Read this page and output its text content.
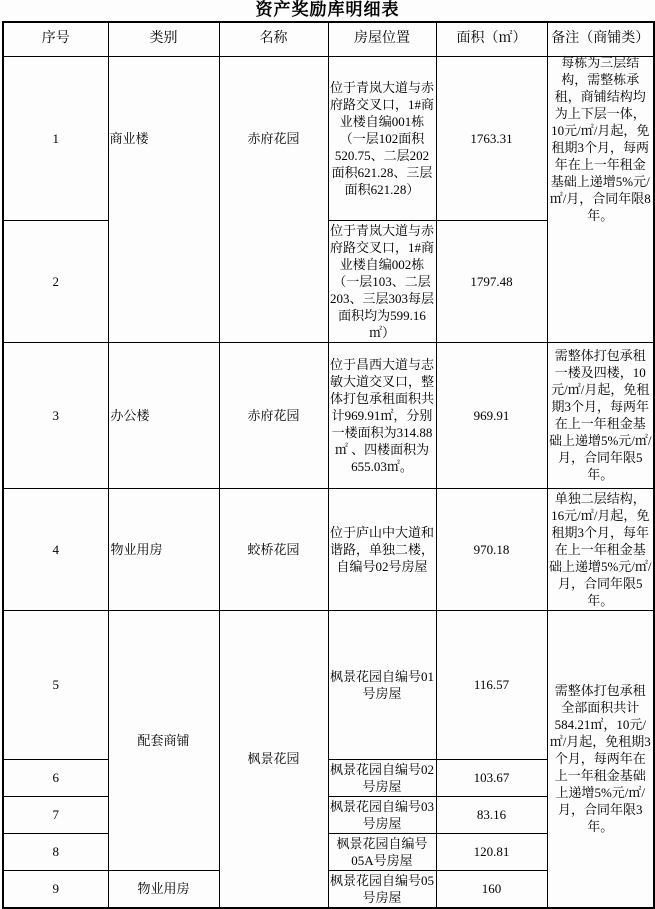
资产奖励库明细表
序号	类别	名称	房屋位置	面积（㎡）	备注（商铺类）
1	商业楼	赤府花园	位于青岚大道与赤府路交叉口，1#商业楼自编001栋（一层102面积520.75、二层202面积621.28、三层面积621.28）	1763.31	每栋为三层结构，需整栋承租，商铺结构均为上下层一体，10元/㎡/月起，免租期3个月，每两年在上一年租金基础上递增5%元/㎡/月，合同年限8年。

2			位于青岚大道与赤府路交叉口，1#商业楼自编002栋（一层103、二层203、三层303每层面积均为599.16㎡）	1797.48	
3	办公楼	赤府花园	位于昌西大道与志敏大道交叉口，整体打包承租面积共计969.91㎡，分别一楼面积为314.88㎡ 、四楼面积为655.03㎡。	969.91	需整体打包承租一楼及四楼，10元/㎡/月起，免租期3个月，每两年在上一年租金基础上递增5%元/㎡/月，合同年限5年。
4	物业用房	蛟桥花园	位于庐山中大道和谐路，单独二楼，自编号02号房屋	970.18	单独二层结构，16元/㎡/月起，免租期3个月，每年在上一年租金基础上递增5%元/㎡/月，合同年限5年。
5	配套商铺	枫景花园	枫景花园自编号01号房屋	116.57	需整体打包承租全部面积共计584.21㎡，10元/㎡/月起，免租期3个月，每两年在上一年租金基础上递增5%元/㎡/月，合同年限3年。
6			枫景花园自编号02号房屋	103.67	
7			枫景花园自编号03号房屋	83.16	
8			枫景花园自编号05A号房屋	120.81	
9	物业用房		枫景花园自编号05号房屋	160	
